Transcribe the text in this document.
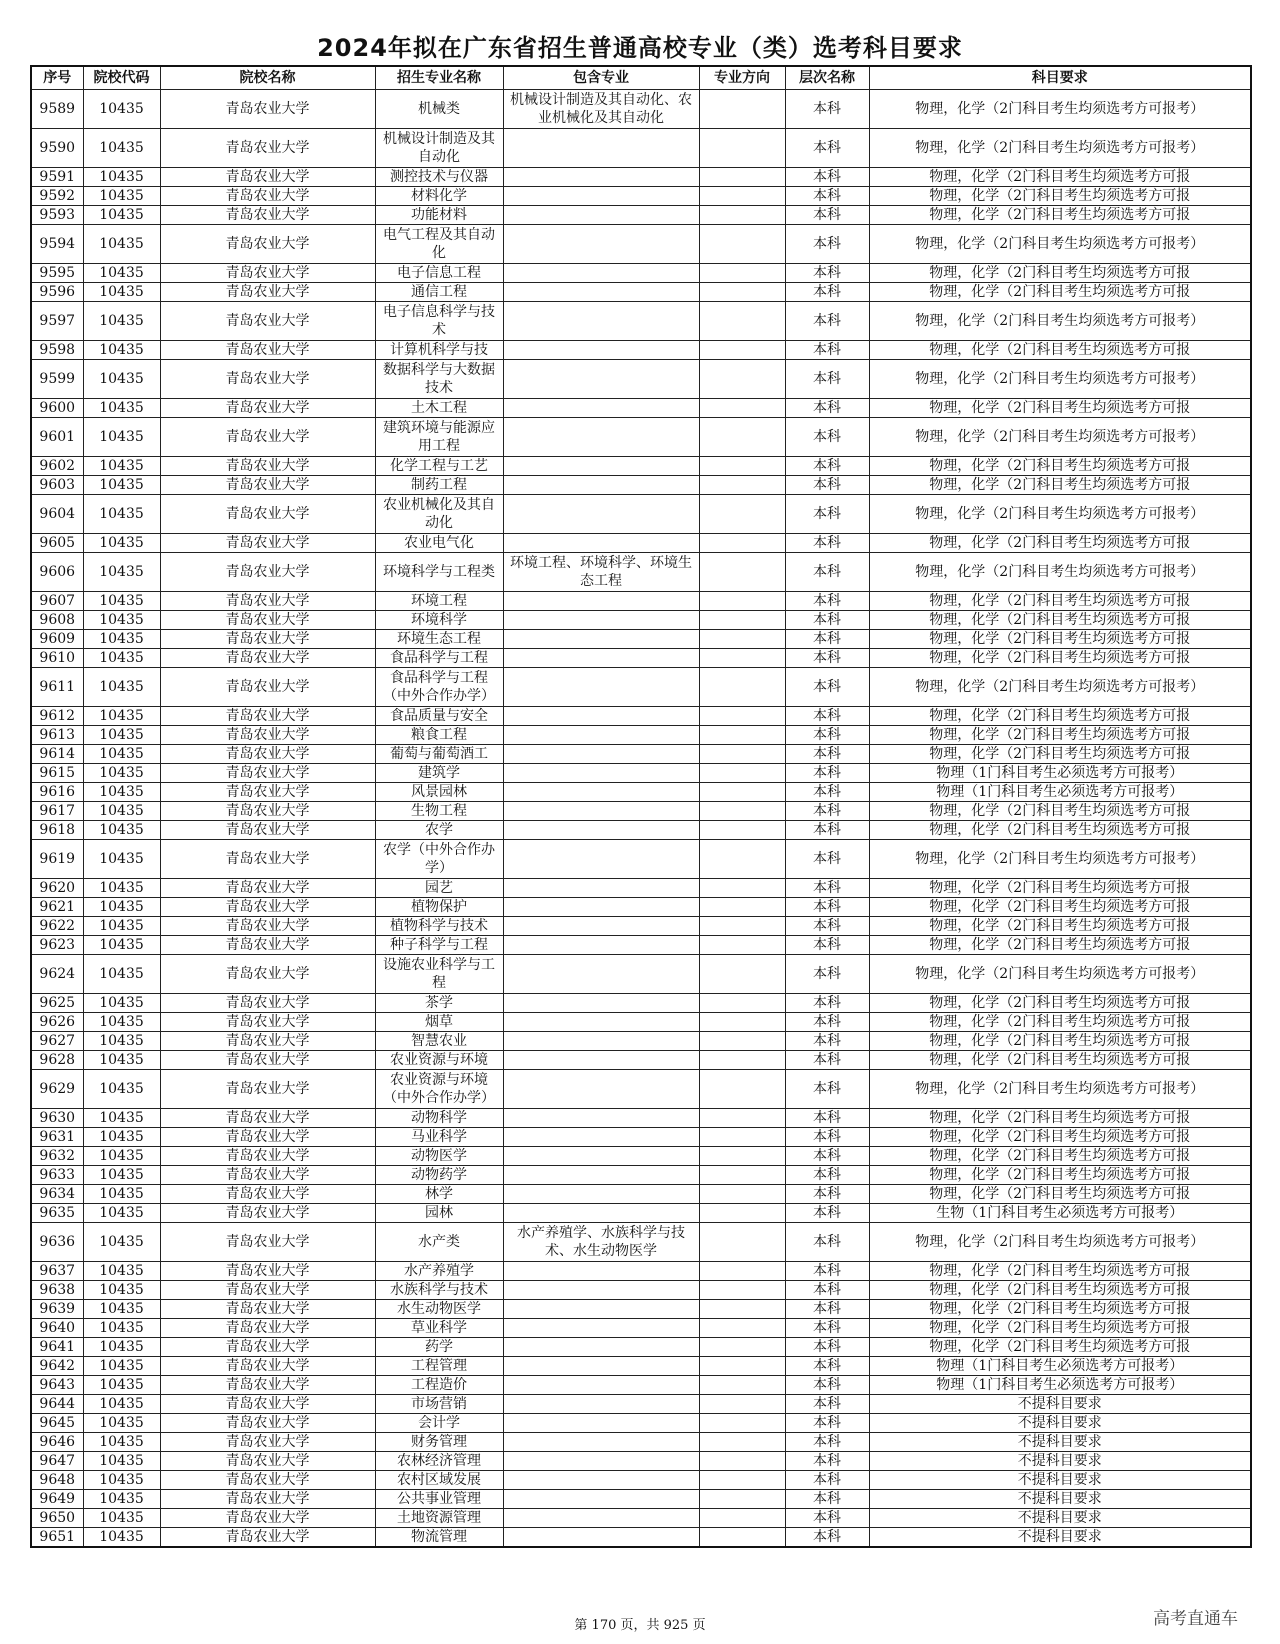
2024年拟在广东省招生普通高校专业（类）选考科目要求
序号	院校代码	院校名称	招生专业名称	包含专业	专业方向	层次名称	科目要求
9589	10435	青岛农业大学	机械类	机械设计制造及其自动化、农业机械化及其自动化		本科	物理，化学（2门科目考生均须选考方可报考）
9590	10435	青岛农业大学	机械设计制造及其自动化			本科	物理，化学（2门科目考生均须选考方可报考）
9591	10435	青岛农业大学	测控技术与仪器			本科	物理，化学（2门科目考生均须选考方可报
9592	10435	青岛农业大学	材料化学			本科	物理，化学（2门科目考生均须选考方可报
9593	10435	青岛农业大学	功能材料			本科	物理，化学（2门科目考生均须选考方可报
9594	10435	青岛农业大学	电气工程及其自动化			本科	物理，化学（2门科目考生均须选考方可报考）
9595	10435	青岛农业大学	电子信息工程			本科	物理，化学（2门科目考生均须选考方可报
9596	10435	青岛农业大学	通信工程			本科	物理，化学（2门科目考生均须选考方可报
9597	10435	青岛农业大学	电子信息科学与技术			本科	物理，化学（2门科目考生均须选考方可报考）
9598	10435	青岛农业大学	计算机科学与技			本科	物理，化学（2门科目考生均须选考方可报
9599	10435	青岛农业大学	数据科学与大数据技术			本科	物理，化学（2门科目考生均须选考方可报考）
9600	10435	青岛农业大学	土木工程			本科	物理，化学（2门科目考生均须选考方可报
9601	10435	青岛农业大学	建筑环境与能源应用工程			本科	物理，化学（2门科目考生均须选考方可报考）
9602	10435	青岛农业大学	化学工程与工艺			本科	物理，化学（2门科目考生均须选考方可报
9603	10435	青岛农业大学	制药工程			本科	物理，化学（2门科目考生均须选考方可报
9604	10435	青岛农业大学	农业机械化及其自动化			本科	物理，化学（2门科目考生均须选考方可报考）
9605	10435	青岛农业大学	农业电气化			本科	物理，化学（2门科目考生均须选考方可报
9606	10435	青岛农业大学	环境科学与工程类	环境工程、环境科学、环境生态工程		本科	物理，化学（2门科目考生均须选考方可报考）
9607	10435	青岛农业大学	环境工程			本科	物理，化学（2门科目考生均须选考方可报
9608	10435	青岛农业大学	环境科学			本科	物理，化学（2门科目考生均须选考方可报
9609	10435	青岛农业大学	环境生态工程			本科	物理，化学（2门科目考生均须选考方可报
9610	10435	青岛农业大学	食品科学与工程			本科	物理，化学（2门科目考生均须选考方可报
9611	10435	青岛农业大学	食品科学与工程（中外合作办学）			本科	物理，化学（2门科目考生均须选考方可报考）
9612	10435	青岛农业大学	食品质量与安全			本科	物理，化学（2门科目考生均须选考方可报
9613	10435	青岛农业大学	粮食工程			本科	物理，化学（2门科目考生均须选考方可报
9614	10435	青岛农业大学	葡萄与葡萄酒工			本科	物理，化学（2门科目考生均须选考方可报
9615	10435	青岛农业大学	建筑学			本科	物理（1门科目考生必须选考方可报考）
9616	10435	青岛农业大学	风景园林			本科	物理（1门科目考生必须选考方可报考）
9617	10435	青岛农业大学	生物工程			本科	物理，化学（2门科目考生均须选考方可报
9618	10435	青岛农业大学	农学			本科	物理，化学（2门科目考生均须选考方可报
9619	10435	青岛农业大学	农学（中外合作办学）			本科	物理，化学（2门科目考生均须选考方可报考）
9620	10435	青岛农业大学	园艺			本科	物理，化学（2门科目考生均须选考方可报
9621	10435	青岛农业大学	植物保护			本科	物理，化学（2门科目考生均须选考方可报
9622	10435	青岛农业大学	植物科学与技术			本科	物理，化学（2门科目考生均须选考方可报
9623	10435	青岛农业大学	种子科学与工程			本科	物理，化学（2门科目考生均须选考方可报
9624	10435	青岛农业大学	设施农业科学与工程			本科	物理，化学（2门科目考生均须选考方可报考）
9625	10435	青岛农业大学	茶学			本科	物理，化学（2门科目考生均须选考方可报
9626	10435	青岛农业大学	烟草			本科	物理，化学（2门科目考生均须选考方可报
9627	10435	青岛农业大学	智慧农业			本科	物理，化学（2门科目考生均须选考方可报
9628	10435	青岛农业大学	农业资源与环境			本科	物理，化学（2门科目考生均须选考方可报
9629	10435	青岛农业大学	农业资源与环境（中外合作办学）			本科	物理，化学（2门科目考生均须选考方可报考）
9630	10435	青岛农业大学	动物科学			本科	物理，化学（2门科目考生均须选考方可报
9631	10435	青岛农业大学	马业科学			本科	物理，化学（2门科目考生均须选考方可报
9632	10435	青岛农业大学	动物医学			本科	物理，化学（2门科目考生均须选考方可报
9633	10435	青岛农业大学	动物药学			本科	物理，化学（2门科目考生均须选考方可报
9634	10435	青岛农业大学	林学			本科	物理，化学（2门科目考生均须选考方可报
9635	10435	青岛农业大学	园林			本科	生物（1门科目考生必须选考方可报考）
9636	10435	青岛农业大学	水产类	水产养殖学、水族科学与技术、水生动物医学		本科	物理，化学（2门科目考生均须选考方可报考）
9637	10435	青岛农业大学	水产养殖学			本科	物理，化学（2门科目考生均须选考方可报
9638	10435	青岛农业大学	水族科学与技术			本科	物理，化学（2门科目考生均须选考方可报
9639	10435	青岛农业大学	水生动物医学			本科	物理，化学（2门科目考生均须选考方可报
9640	10435	青岛农业大学	草业科学			本科	物理，化学（2门科目考生均须选考方可报
9641	10435	青岛农业大学	药学			本科	物理，化学（2门科目考生均须选考方可报
9642	10435	青岛农业大学	工程管理			本科	物理（1门科目考生必须选考方可报考）
9643	10435	青岛农业大学	工程造价			本科	物理（1门科目考生必须选考方可报考）
9644	10435	青岛农业大学	市场营销			本科	不提科目要求
9645	10435	青岛农业大学	会计学			本科	不提科目要求
9646	10435	青岛农业大学	财务管理			本科	不提科目要求
9647	10435	青岛农业大学	农林经济管理			本科	不提科目要求
9648	10435	青岛农业大学	农村区域发展			本科	不提科目要求
9649	10435	青岛农业大学	公共事业管理			本科	不提科目要求
9650	10435	青岛农业大学	土地资源管理			本科	不提科目要求
9651	10435	青岛农业大学	物流管理			本科	不提科目要求
第 170 页，共 925 页	高考直通车
